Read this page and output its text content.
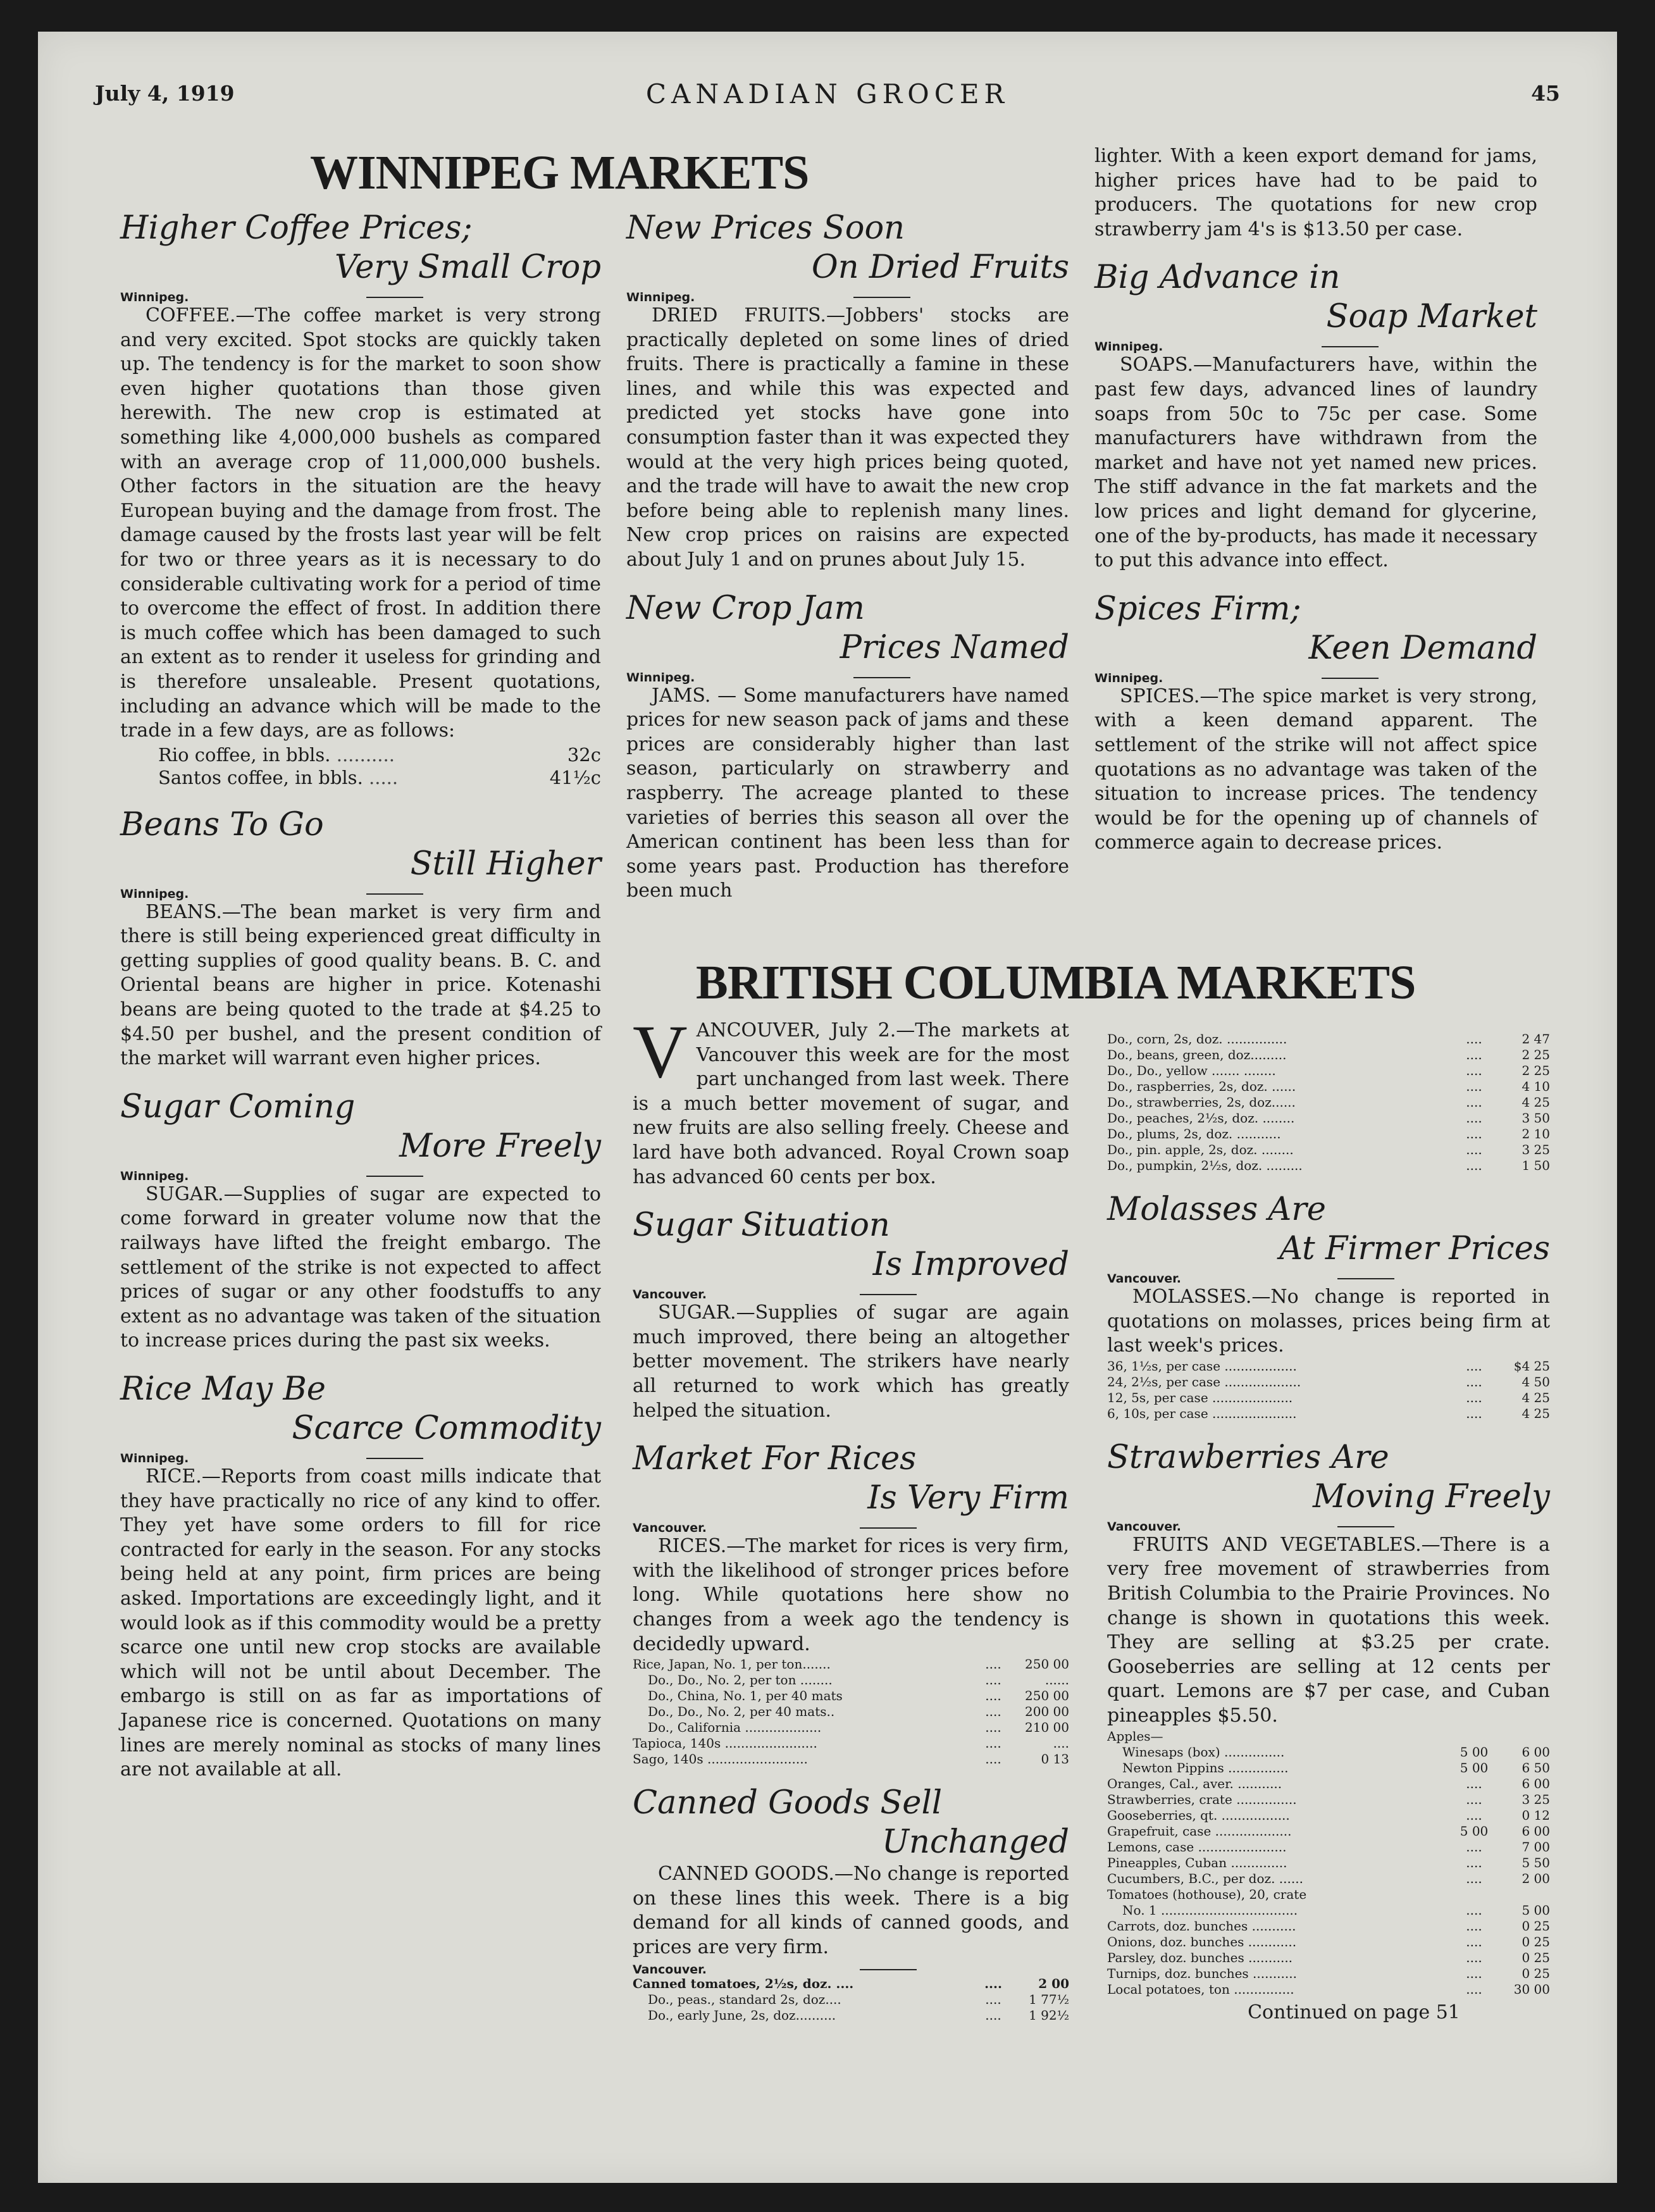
July 4, 1919	CANADIAN GROCER	45
WINNIPEG MARKETS
BRITISH COLUMBIA MARKETS
Higher Coffee Prices;
Very Small Crop
Winnipeg.

COFFEE.—The coffee market is very strong and very excited. Spot stocks are quickly taken up. The tendency is for the market to soon show even higher quotations than those given herewith. The new crop is estimated at something like 4,000,000 bushels as compared with an average crop of 11,000,000 bushels. Other factors in the situation are the heavy European buying and the damage from frost. The damage caused by the frosts last year will be felt for two or three years as it is necessary to do considerable cultivating work for a period of time to overcome the effect of frost. In addition there is much coffee which has been damaged to such an extent as to render it useless for grinding and is therefore unsaleable. Present quotations, including an advance which will be made to the trade in a few days, are as follows:

Rio coffee, in bbls. ..........	32c
Santos coffee, in bbls. .....	41½c
Beans To Go
Still Higher
Winnipeg.

BEANS.—The bean market is very firm and there is still being experienced great difficulty in getting supplies of good quality beans. B. C. and Oriental beans are higher in price. Kotenashi beans are being quoted to the trade at $4.25 to $4.50 per bushel, and the present condition of the market will warrant even higher prices.

Sugar Coming
More Freely
Winnipeg.

SUGAR.—Supplies of sugar are expected to come forward in greater volume now that the railways have lifted the freight embargo. The settlement of the strike is not expected to affect prices of sugar or any other foodstuffs to any extent as no advantage was taken of the situation to increase prices during the past six weeks.

Rice May Be
Scarce Commodity
Winnipeg.

RICE.—Reports from coast mills indicate that they have practically no rice of any kind to offer. They yet have some orders to fill for rice contracted for early in the season. For any stocks being held at any point, firm prices are being asked. Importations are exceedingly light, and it would look as if this commodity would be a pretty scarce one until new crop stocks are available which will not be until about December. The embargo is still on as far as importations of Japanese rice is concerned. Quotations on many lines are merely nominal as stocks of many lines are not available at all.

New Prices Soon
On Dried Fruits
Winnipeg.

DRIED FRUITS.—Jobbers' stocks are practically depleted on some lines of dried fruits. There is practically a famine in these lines, and while this was expected and predicted yet stocks have gone into consumption faster than it was expected they would at the very high prices being quoted, and the trade will have to await the new crop before being able to replenish many lines. New crop prices on raisins are expected about July 1 and on prunes about July 15.

New Crop Jam
Prices Named
Winnipeg.

JAMS. — Some manufacturers have named prices for new season pack of jams and these prices are considerably higher than last season, particularly on strawberry and raspberry. The acreage planted to these varieties of berries this season all over the American continent has been less than for some years past. Production has therefore been much

lighter. With a keen export demand for jams, higher prices have had to be paid to producers. The quotations for new crop strawberry jam 4's is $13.50 per case.

Big Advance in
Soap Market
Winnipeg.

SOAPS.—Manufacturers have, within the past few days, advanced lines of laundry soaps from 50c to 75c per case. Some manufacturers have withdrawn from the market and have not yet named new prices. The stiff advance in the fat markets and the low prices and light demand for glycerine, one of the by-products, has made it necessary to put this advance into effect.

Spices Firm;
Keen Demand
Winnipeg.

SPICES.—The spice market is very strong, with a keen demand apparent. The settlement of the strike will not affect spice quotations as no advantage was taken of the situation to increase prices. The tendency would be for the opening up of channels of commerce again to decrease prices.

V ANCOUVER, July 2.—The markets at Vancouver this week are for the most part unchanged from last week. There is a much better movement of sugar, and new fruits are also selling freely. Cheese and lard have both advanced. Royal Crown soap has advanced 60 cents per box.

Sugar Situation
Is Improved
Vancouver.

SUGAR.—Supplies of sugar are again much improved, there being an altogether better movement. The strikers have nearly all returned to work which has greatly helped the situation.

Market For Rices
Is Very Firm
Vancouver.

RICES.—The market for rices is very firm, with the likelihood of stronger prices before long. While quotations here show no changes from a week ago the tendency is decidedly upward.

Rice, Japan, No. 1, per ton.......	....	250 00
Do., Do., No. 2, per ton ........	....	......
Do., China, No. 1, per 40 mats	....	250 00
Do., Do., No. 2, per 40 mats..	....	200 00
Do., California ...................	....	210 00
Tapioca, 140s .......................	....	....
Sago, 140s .........................	....	0 13
Canned Goods Sell
Unchanged

CANNED GOODS.—No change is reported on these lines this week. There is a big demand for all kinds of canned goods, and prices are very firm.

Vancouver.
Canned tomatoes, 2½s, doz. ....	....	2 00
Do., peas., standard 2s, doz....	....	1 77½
Do., early June, 2s, doz..........	....	1 92½
Do., corn, 2s, doz. ...............	....	2 47
Do., beans, green, doz.........	....	2 25
Do., Do., yellow ....... ........	....	2 25
Do., raspberries, 2s, doz. ......	....	4 10
Do., strawberries, 2s, doz......	....	4 25
Do., peaches, 2½s, doz. ........	....	3 50
Do., plums, 2s, doz. ...........	....	2 10
Do., pin. apple, 2s, doz. ........	....	3 25
Do., pumpkin, 2½s, doz. .........	....	1 50
Molasses Are
At Firmer Prices
Vancouver.

MOLASSES.—No change is reported in quotations on molasses, prices being firm at last week's prices.

36, 1½s, per case ..................	....	$4 25
24, 2½s, per case ...................	....	4 50
12, 5s, per case ....................	....	4 25
6, 10s, per case .....................	....	4 25
Strawberries Are
Moving Freely
Vancouver.

FRUITS AND VEGETABLES.—There is a very free movement of strawberries from British Columbia to the Prairie Provinces. No change is shown in quotations this week. They are selling at $3.25 per crate. Gooseberries are selling at 12 cents per quart. Lemons are $7 per case, and Cuban pineapples $5.50.

Apples—
Winesaps (box) ...............	5 00	6 00
Newton Pippins ...............	5 00	6 50
Oranges, Cal., aver. ...........	....	6 00
Strawberries, crate ...............	....	3 25
Gooseberries, qt. .................	....	0 12
Grapefruit, case ...................	5 00	6 00
Lemons, case ......................	....	7 00
Pineapples, Cuban ..............	....	5 50
Cucumbers, B.C., per doz. ......	....	2 00
Tomatoes (hothouse), 20, crate
No. 1 ..................................	....	5 00
Carrots, doz. bunches ...........	....	0 25
Onions, doz. bunches ............	....	0 25
Parsley, doz. bunches ...........	....	0 25
Turnips, doz. bunches ...........	....	0 25
Local potatoes, ton ...............	....	30 00
Continued on page 51
